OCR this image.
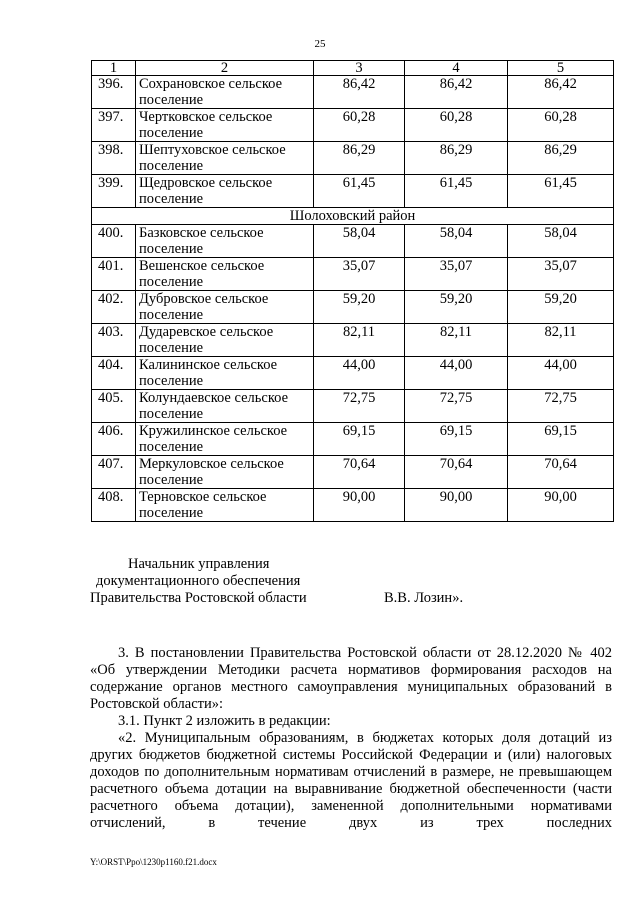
25
1	2	3	4	5
396.	Сохрановское сельское поселение	86,42	86,42	86,42
397.	Чертковское сельское поселение	60,28	60,28	60,28
398.	Шептуховское сельское поселение	86,29	86,29	86,29
399.	Щедровское сельское поселение	61,45	61,45	61,45
Шолоховский район				
400.	Базковское сельское поселение	58,04	58,04	58,04
401.	Вешенское сельское поселение	35,07	35,07	35,07
402.	Дубровское сельское поселение	59,20	59,20	59,20
403.	Дударевское сельское поселение	82,11	82,11	82,11
404.	Калининское сельское поселение	44,00	44,00	44,00
405.	Колундаевское сельское поселение	72,75	72,75	72,75
406.	Кружилинское сельское поселение	69,15	69,15	69,15
407.	Меркуловское сельское поселение	70,64	70,64	70,64
408.	Терновское сельское поселение	90,00	90,00	90,00
Начальник управления
документационного обеспечения
Правительства Ростовской области	В.В. Лозин».

3. В постановлении Правительства Ростовской области от 28.12.2020 № 402 «Об утверждении Методики расчета нормативов формирования расходов на содержание органов местного самоуправления муниципальных образований в Ростовской области»:

3.1. Пункт 2 изложить в редакции:

«2. Муниципальным образованиям, в бюджетах которых доля дотаций из других бюджетов бюджетной системы Российской Федерации и (или) налоговых доходов по дополнительным нормативам отчислений в размере, не превышающем расчетного объема дотации на выравнивание бюджетной обеспеченности (части расчетного объема дотации), замененной дополнительными нормативами отчислений, в течение двух из трех последних

Y:\ORST\Ppo\1230p1160.f21.docx
